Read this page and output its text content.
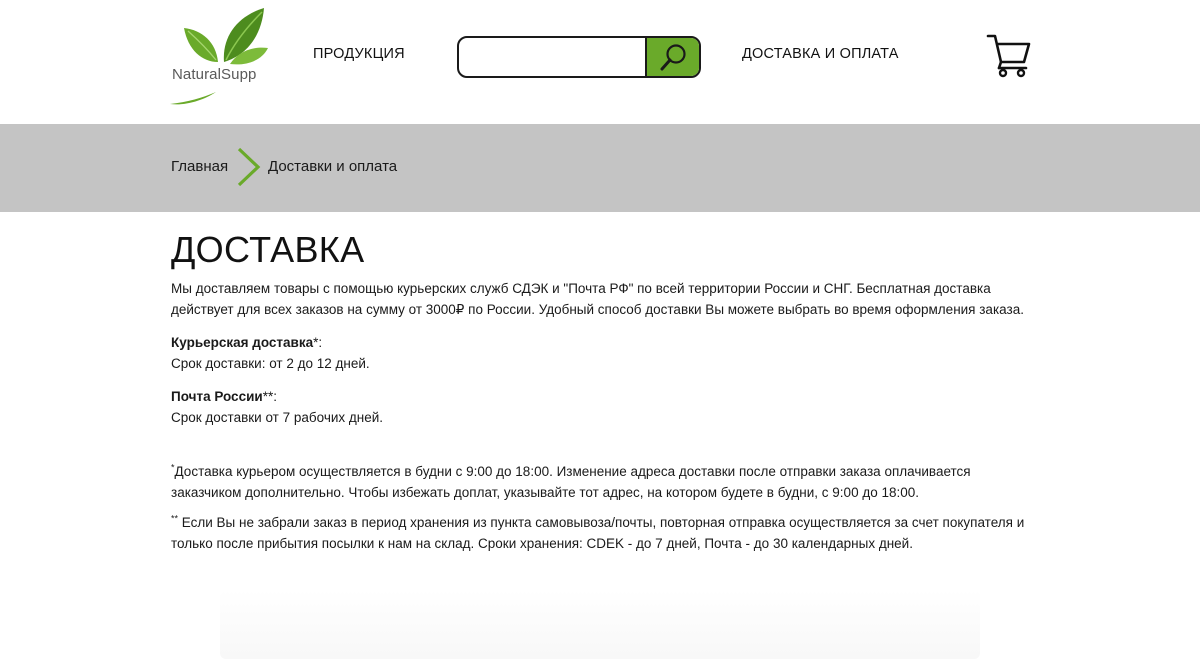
NaturalSupp
ПРОДУКЦИЯ	ДОСТАВКА И ОПЛАТА
Главная	Доставки и оплата
ДОСТАВКА

Мы доставляем товары с помощью курьерских служб СДЭК и "Почта РФ" по всей территории России и СНГ. Бесплатная доставка действует для всех заказов на сумму от 3000₽ по России. Удобный способ доставки Вы можете выбрать во время оформления заказа.

Курьерская доставка*:
Срок доставки: от 2 до 12 дней.
Почта России**:
Срок доставки от 7 рабочих дней.

*Доставка курьером осуществляется в будни с 9:00 до 18:00. Изменение адреса доставки после отправки заказа оплачивается заказчиком дополнительно. Чтобы избежать доплат, указывайте тот адрес, на котором будете в будни, с 9:00 до 18:00.

** Если Вы не забрали заказ в период хранения из пункта самовывоза/почты, повторная отправка осуществляется за счет покупателя и только после прибытия посылки к нам на склад. Сроки хранения: CDEK - до 7 дней, Почта - до 30 календарных дней.
